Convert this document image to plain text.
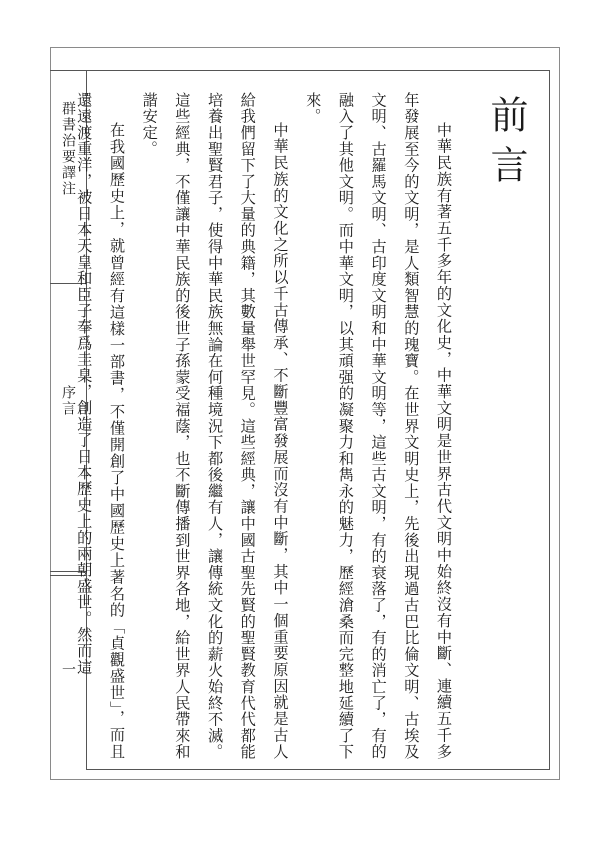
群書治要譯注
序言
一
前言

中華民族有著五千多年的文化史，中華文明是世界古代文明中始終沒有中斷、連續五千多年發展至今的文明，是人類智慧的瑰寶。在世界文明史上，先後出現過古巴比倫文明、古埃及文明、古羅馬文明、古印度文明和中華文明等，這些古文明，有的衰落了，有的消亡了，有的融入了其他文明。而中華文明，以其頑强的凝聚力和雋永的魅力，歷經滄桑而完整地延續了下來。

中華民族的文化之所以千古傳承、不斷豐富發展而沒有中斷，其中一個重要原因就是古人給我們留下了大量的典籍，其數量舉世罕見。這些經典，讓中國古聖先賢的聖賢教育代代都能培養出聖賢君子，使得中華民族無論在何種境況下都後繼有人，讓傳統文化的薪火始終不滅。這些經典，不僅讓中華民族的後世子孫蒙受福蔭，也不斷傳播到世界各地，給世界人民帶來和諧安定。

在我國歷史上，就曾經有這樣一部書，不僅開創了中國歷史上著名的「貞觀盛世」，而且還遠渡重洋，被日本天皇和臣子奉爲圭臬，創造了日本歷史上的兩朝盛世。然而這
